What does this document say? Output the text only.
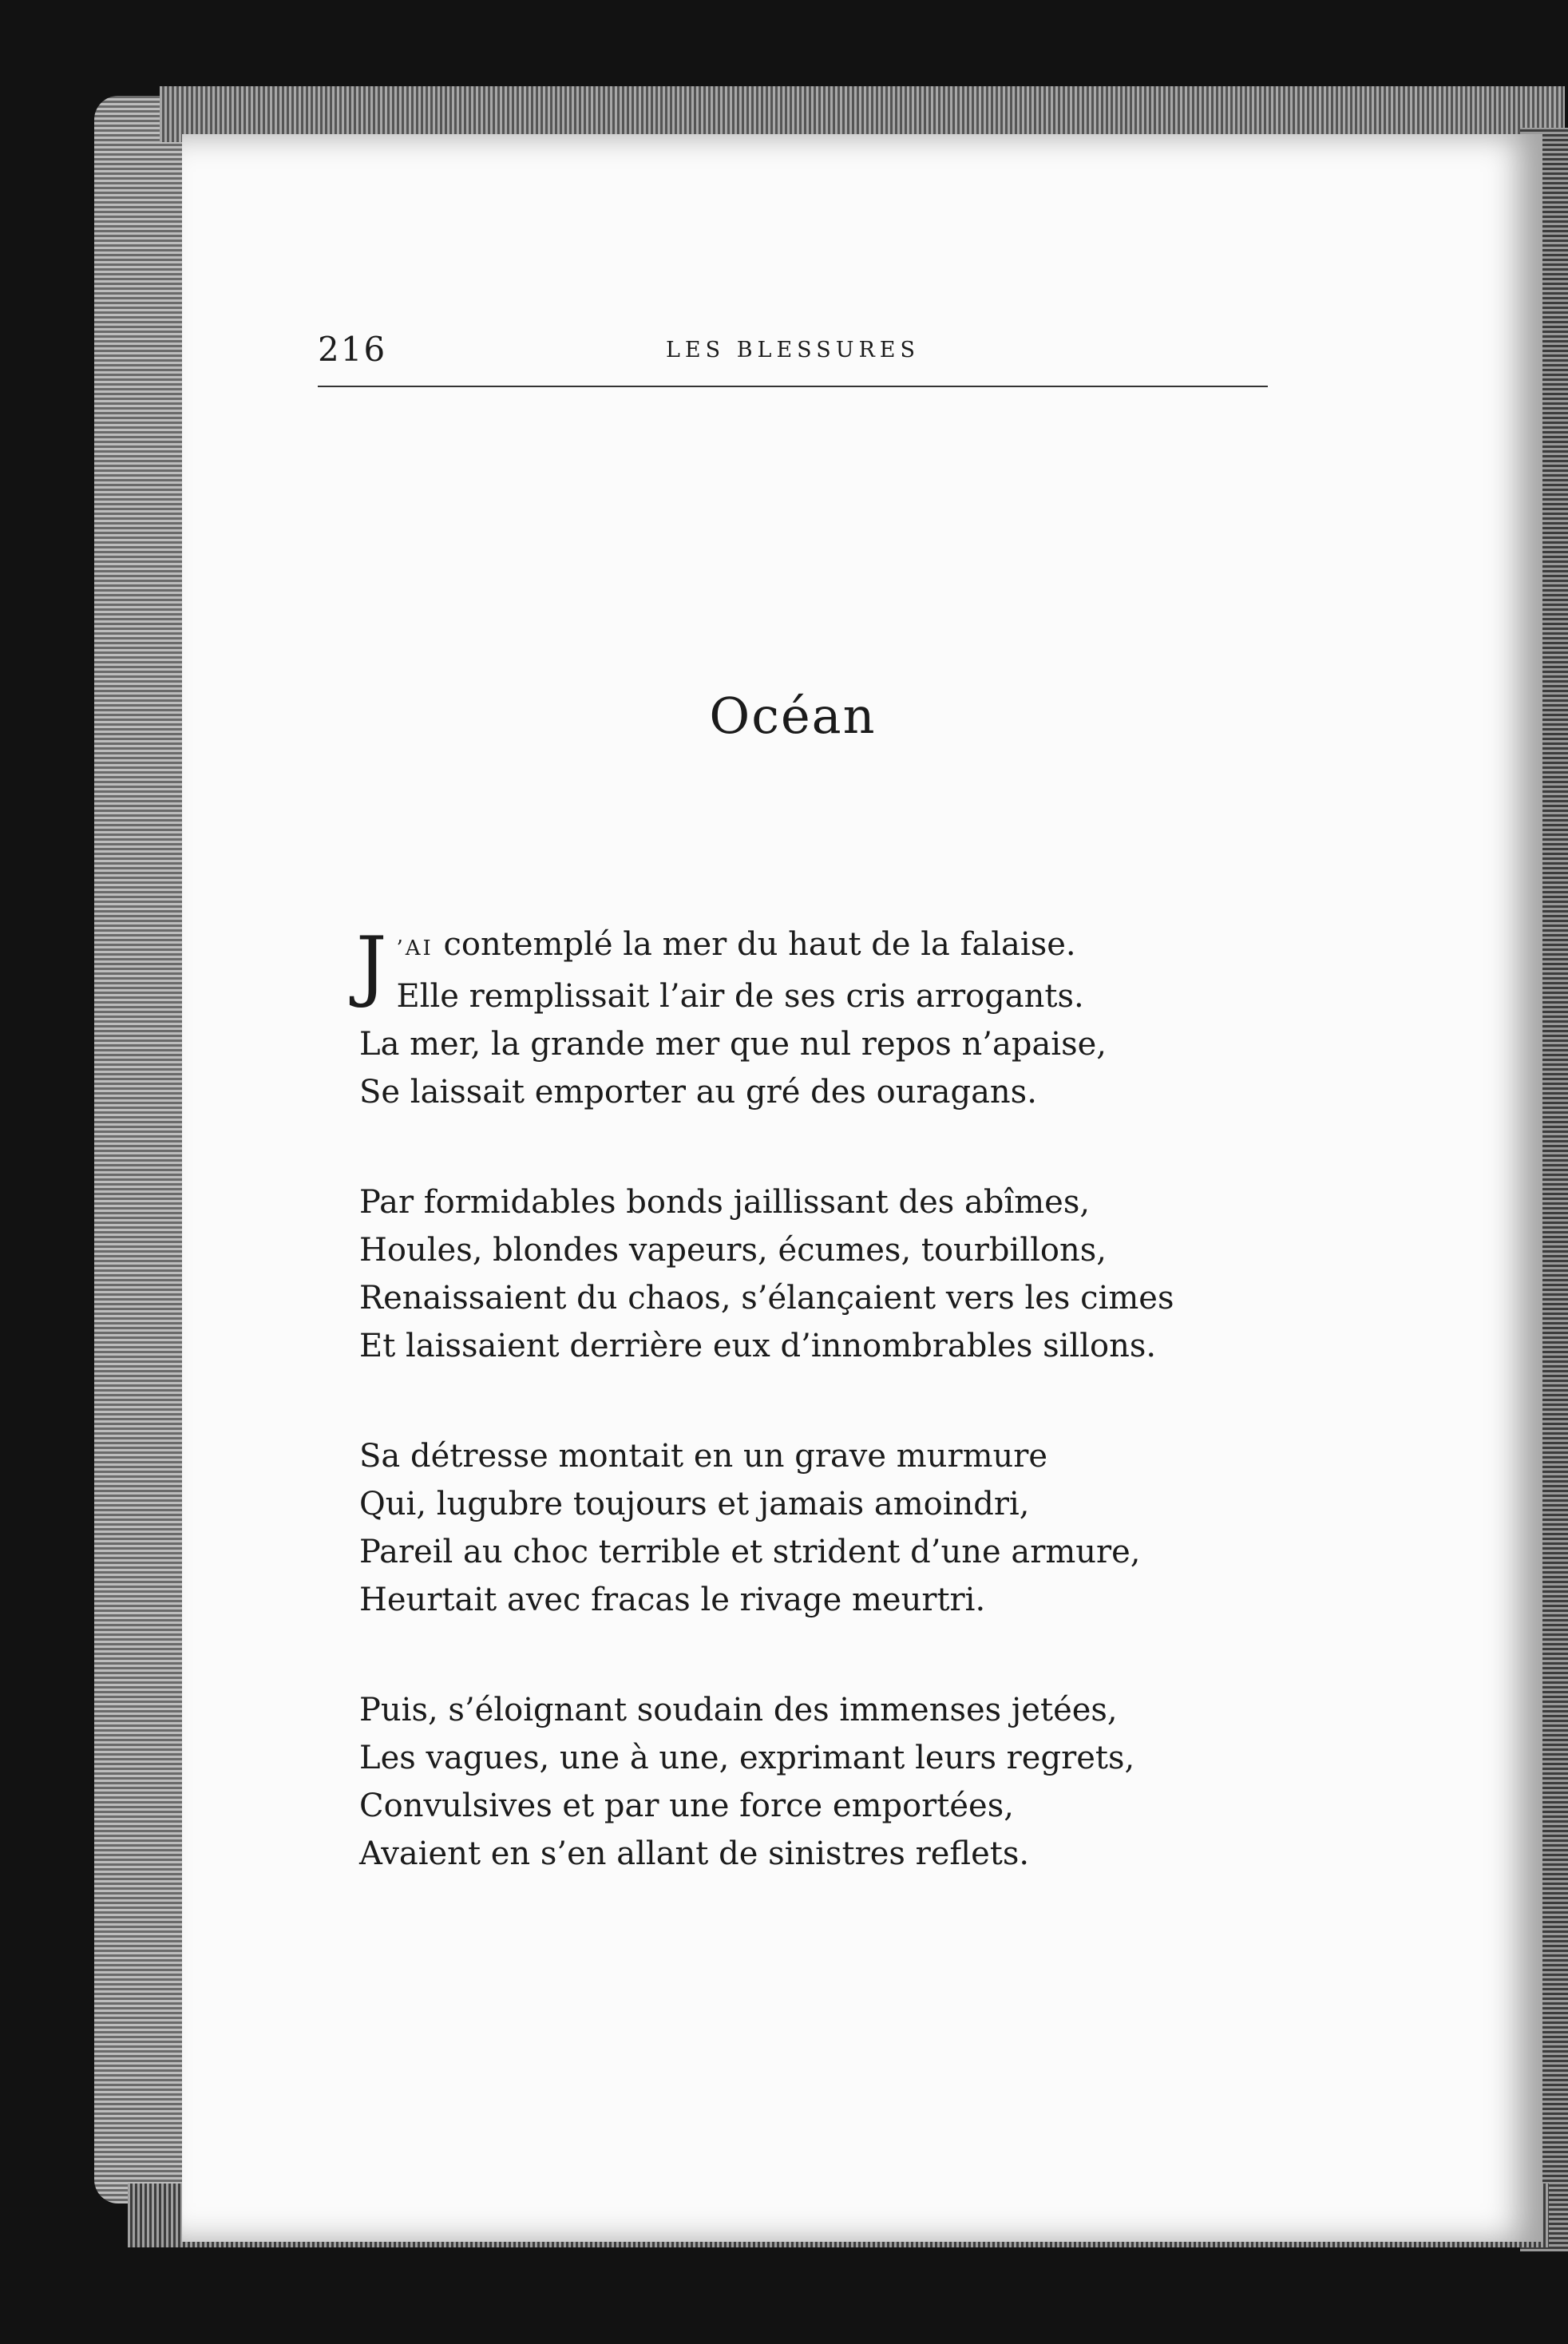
216	LES BLESSURES
Océan
J ’AI contemplé la mer du haut de la falaise.
Elle remplissait l’air de ses cris arrogants.
La mer, la grande mer que nul repos n’apaise,
Se laissait emporter au gré des ouragans.
Par formidables bonds jaillissant des abîmes,
Houles, blondes vapeurs, écumes, tourbillons,
Renaissaient du chaos, s’élançaient vers les cimes
Et laissaient derrière eux d’innombrables sillons.
Sa détresse montait en un grave murmure
Qui, lugubre toujours et jamais amoindri,
Pareil au choc terrible et strident d’une armure,
Heurtait avec fracas le rivage meurtri.
Puis, s’éloignant soudain des immenses jetées,
Les vagues, une à une, exprimant leurs regrets,
Convulsives et par une force emportées,
Avaient en s’en allant de sinistres reflets.
